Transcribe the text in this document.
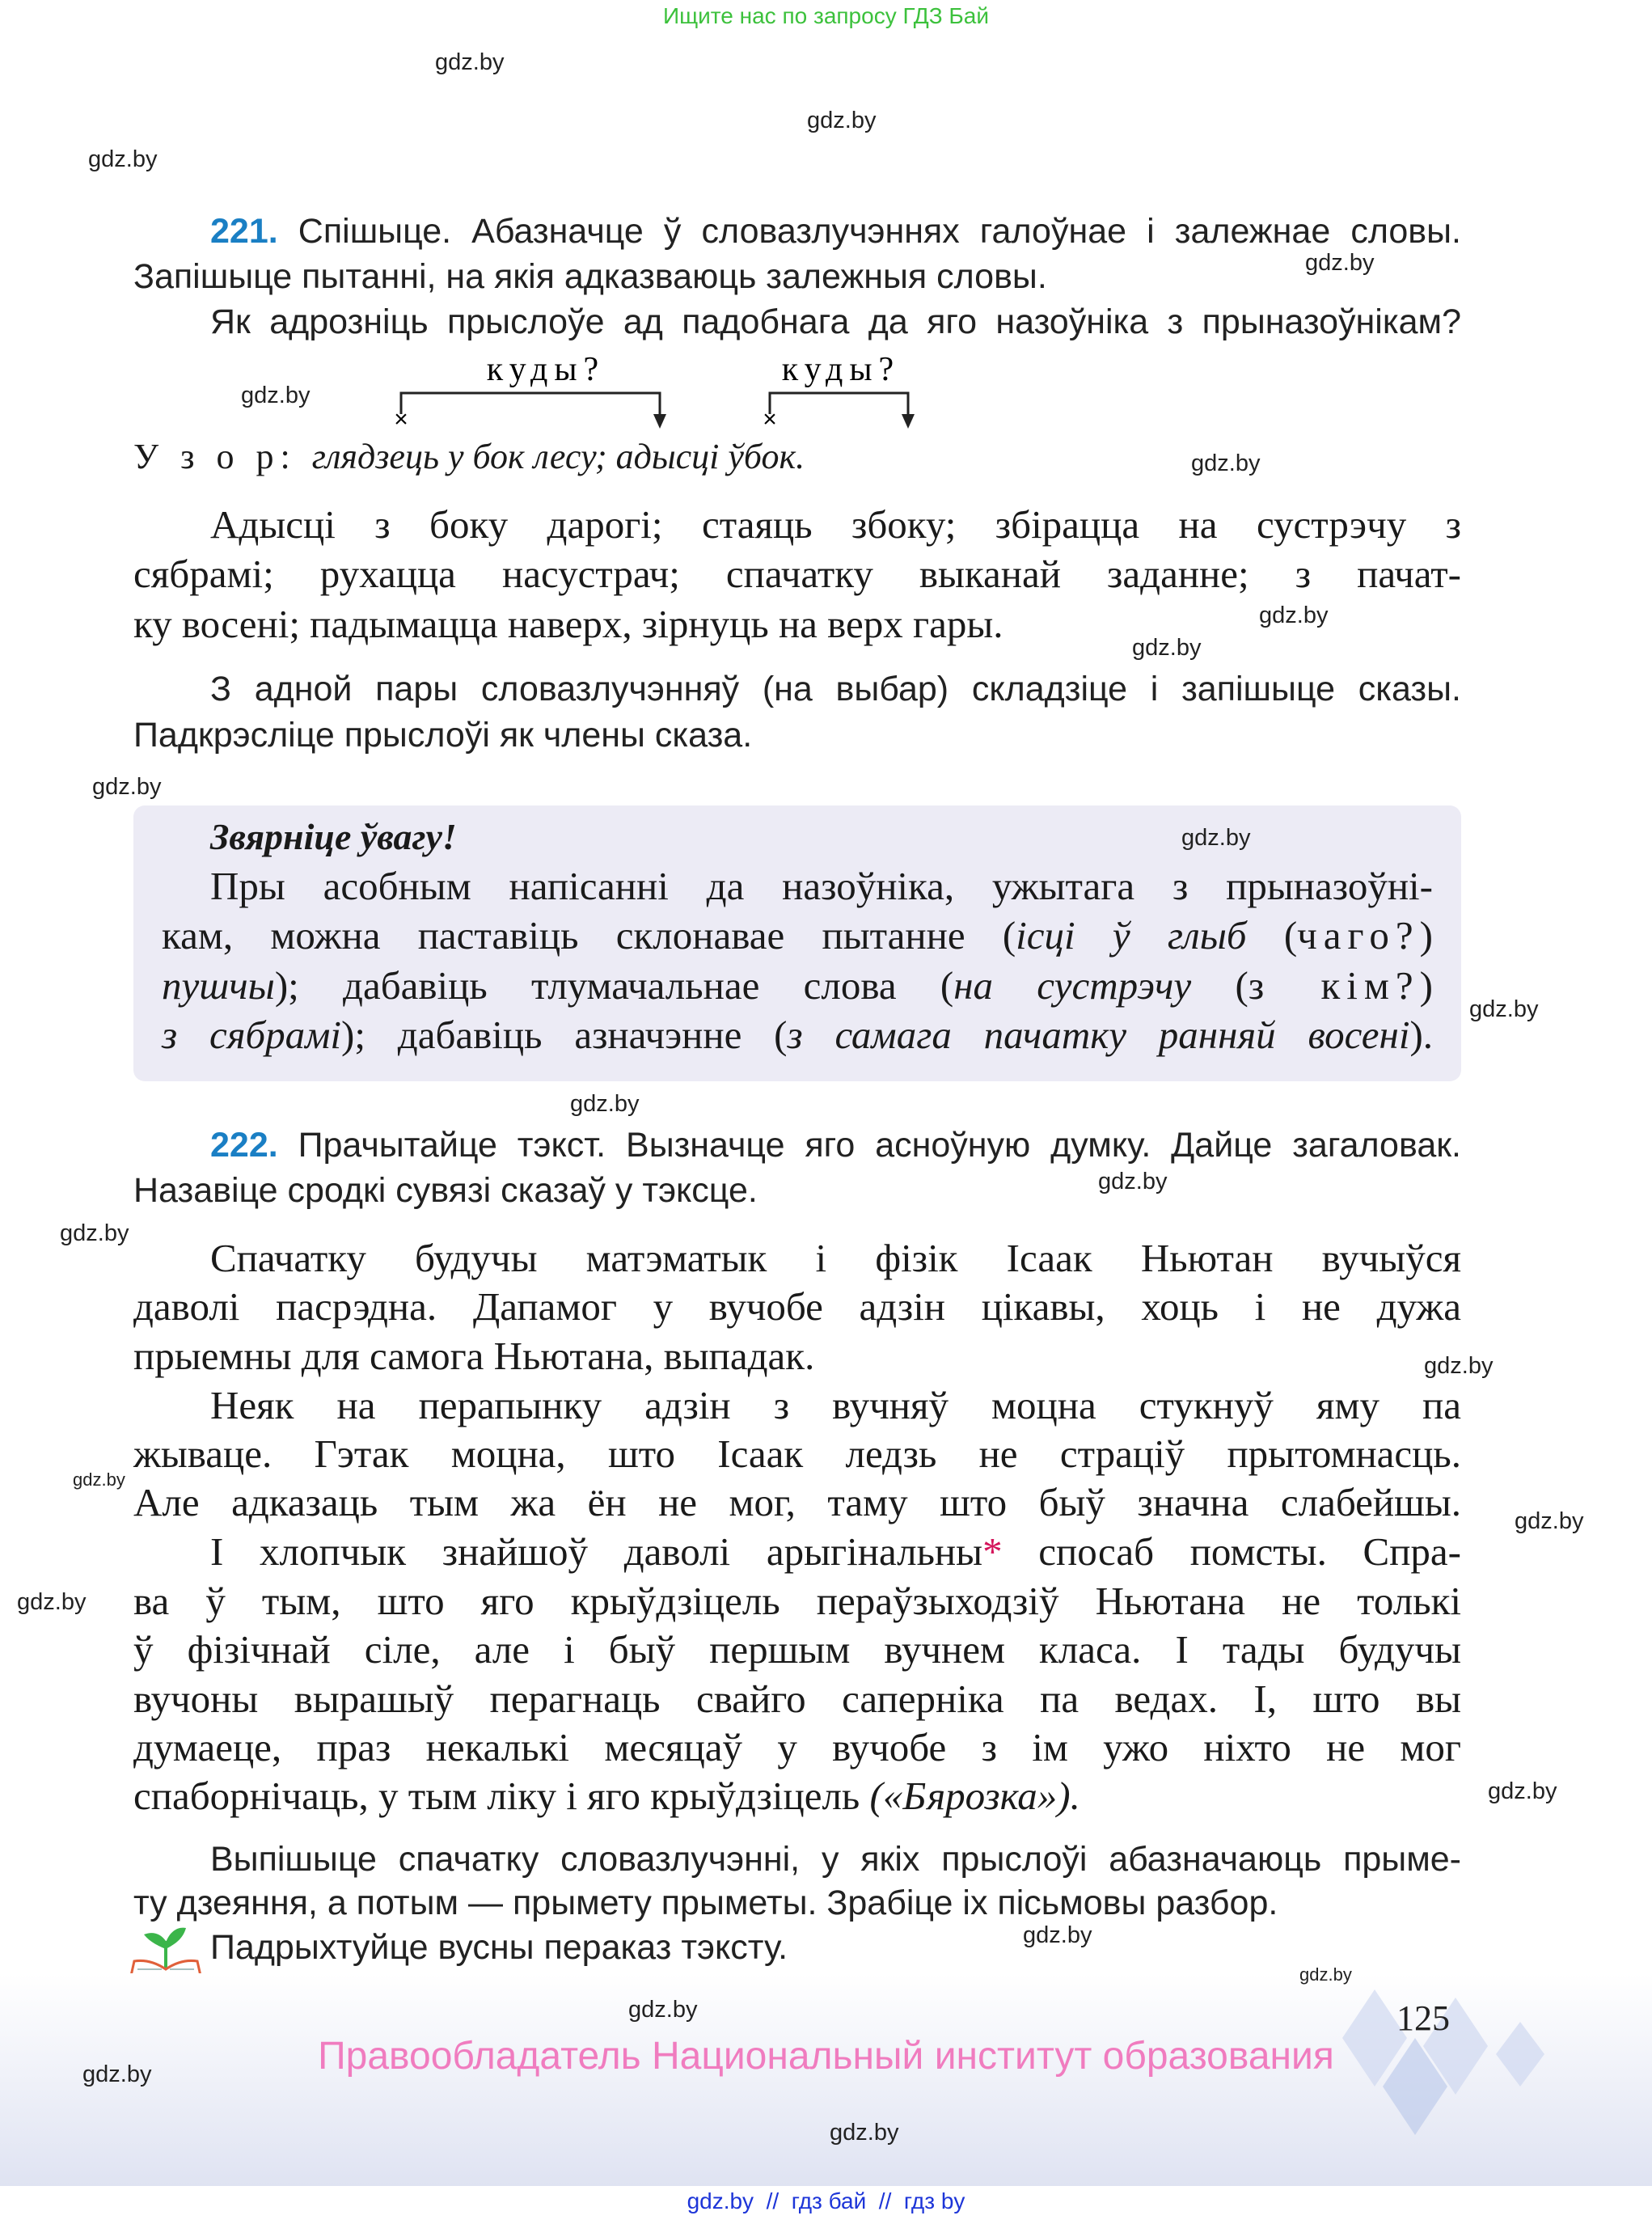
Ищите нас по запросу ГДЗ Бай
221. Спішыце. Абазначце ў словазлучэннях галоўнае і залежнае словы.
Запішыце пытанні, на якія адказваюць залежныя словы.
Як адрозніць прыслоўе ад падобнага да яго назоўніка з прыназоўнікам?
куды?	куды?
×	×
У з о р: глядзець у бок лесу; адысці ўбок.
Адысці з боку дарогі; стаяць збоку; збірацца на сустрэчу з
сябрамі; рухацца насустрач; спачатку выканай заданне; з пачат-
ку восені; падымацца наверх, зірнуць на верх гары.
З адной пары словазлучэнняў (на выбар) складзіце і запішыце сказы.
Падкрэсліце прыслоўі як члены сказа.
Звярніце ўвагу!
Пры асобным напісанні да назоўніка, ужытага з прыназоўні-
кам, можна паставіць склонавае пытанне (ісці ў глыб (чаго?)
пушчы); дабавіць тлумачальнае слова (на сустрэчу (з кім?)
з сябрамі); дабавіць азначэнне (з самага пачатку ранняй восені).
222. Прачытайце тэкст. Вызначце яго асноўную думку. Дайце загаловак.
Назавіце сродкі сувязі сказаў у тэксце.
Спачатку будучы матэматык і фізік Ісаак Ньютан вучыўся
даволі пасрэдна. Дапамог у вучобе адзін цікавы, хоць і не дужа
прыемны для самога Ньютана, выпадак.
Неяк на перапынку адзін з вучняў моцна стукнуў яму па
жываце. Гэтак моцна, што Ісаак ледзь не страціў прытомнасць.
Але адказаць тым жа ён не мог, таму што быў значна слабейшы.
І хлопчык знайшоў даволі арыгінальны* спосаб помсты. Спра-
ва ў тым, што яго крыўдзіцель пераўзыходзіў Ньютана не толькі
ў фізічнай сіле, але і быў першым вучнем класа. І тады будучы
вучоны вырашыў перагнаць свайго саперніка па ведах. І, што вы
думаеце, праз некалькі месяцаў у вучобе з ім ужо ніхто не мог
спаборнічаць, у тым ліку і яго крыўдзіцель («Бярозка»).
Выпішыце спачатку словазлучэнні, у якіх прыслоўі абазначаюць прыме-
ту дзеяння, а потым — прымету прыметы. Зрабіце іх пісьмовы разбор.
Падрыхтуйце вусны пераказ тэксту.
125
Правообладатель Национальный институт образования
gdz.by  //  гдз бай  //  гдз by
gdz.by
gdz.by
gdz.by
gdz.by
gdz.by
gdz.by
gdz.by
gdz.by
gdz.by
gdz.by
gdz.by
gdz.by
gdz.by
gdz.by
gdz.by
gdz.by
gdz.by
gdz.by
gdz.by
gdz.by
gdz.by
gdz.by
gdz.by
gdz.by
